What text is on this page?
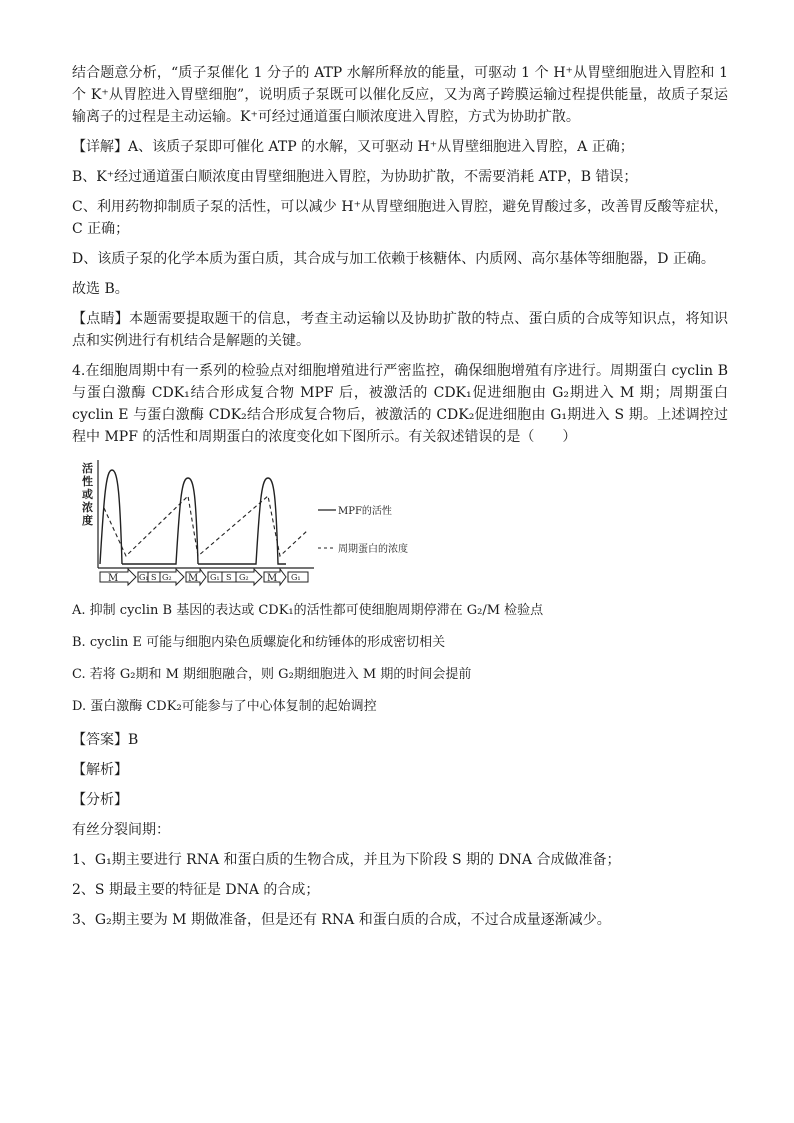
结合题意分析，“质子泵催化 1 分子的 ATP 水解所释放的能量，可驱动 1 个 H⁺从胃壁细胞进入胃腔和 1 个 K⁺从胃腔进入胃壁细胞”，说明质子泵既可以催化反应，又为离子跨膜运输过程提供能量，故质子泵运输离子的过程是主动运输。K⁺可经过通道蛋白顺浓度进入胃腔，方式为协助扩散。

【详解】A、该质子泵即可催化 ATP 的水解，又可驱动 H⁺从胃壁细胞进入胃腔，A 正确；

B、K⁺经过通道蛋白顺浓度由胃壁细胞进入胃腔，为协助扩散，不需要消耗 ATP，B 错误；

C、利用药物抑制质子泵的活性，可以减少 H⁺从胃壁细胞进入胃腔，避免胃酸过多，改善胃反酸等症状，C 正确；

D、该质子泵的化学本质为蛋白质，其合成与加工依赖于核糖体、内质网、高尔基体等细胞器，D 正确。

故选 B。

【点睛】本题需要提取题干的信息，考查主动运输以及协助扩散的特点、蛋白质的合成等知识点，将知识点和实例进行有机结合是解题的关键。

4.在细胞周期中有一系列的检验点对细胞增殖进行严密监控，确保细胞增殖有序进行。周期蛋白 cyclin B 与蛋白激酶 CDK₁结合形成复合物 MPF 后，被激活的 CDK₁促进细胞由 G₂期进入 M 期；周期蛋白 cyclin E 与蛋白激酶 CDK₂结合形成复合物后，被激活的 CDK₂促进细胞由 G₁期进入 S 期。上述调控过程中 MPF 的活性和周期蛋白的浓度变化如下图所示。有关叙述错误的是（　　）

活
性
或
浓
度
MPF的活性
周期蛋白的浓度
M	G₁ S G₂ M G₁ S G₂ M G₁

A. 抑制 cyclin B 基因的表达或 CDK₁的活性都可使细胞周期停滞在 G₂/M 检验点

B. cyclin E 可能与细胞内染色质螺旋化和纺锤体的形成密切相关

C. 若将 G₂期和 M 期细胞融合，则 G₂期细胞进入 M 期的时间会提前

D. 蛋白激酶 CDK₂可能参与了中心体复制的起始调控

【答案】B

【解析】

【分析】

有丝分裂间期：

1、G₁期主要进行 RNA 和蛋白质的生物合成，并且为下阶段 S 期的 DNA 合成做准备；

2、S 期最主要的特征是 DNA 的合成；

3、G₂期主要为 M 期做准备，但是还有 RNA 和蛋白质的合成，不过合成量逐渐减少。
